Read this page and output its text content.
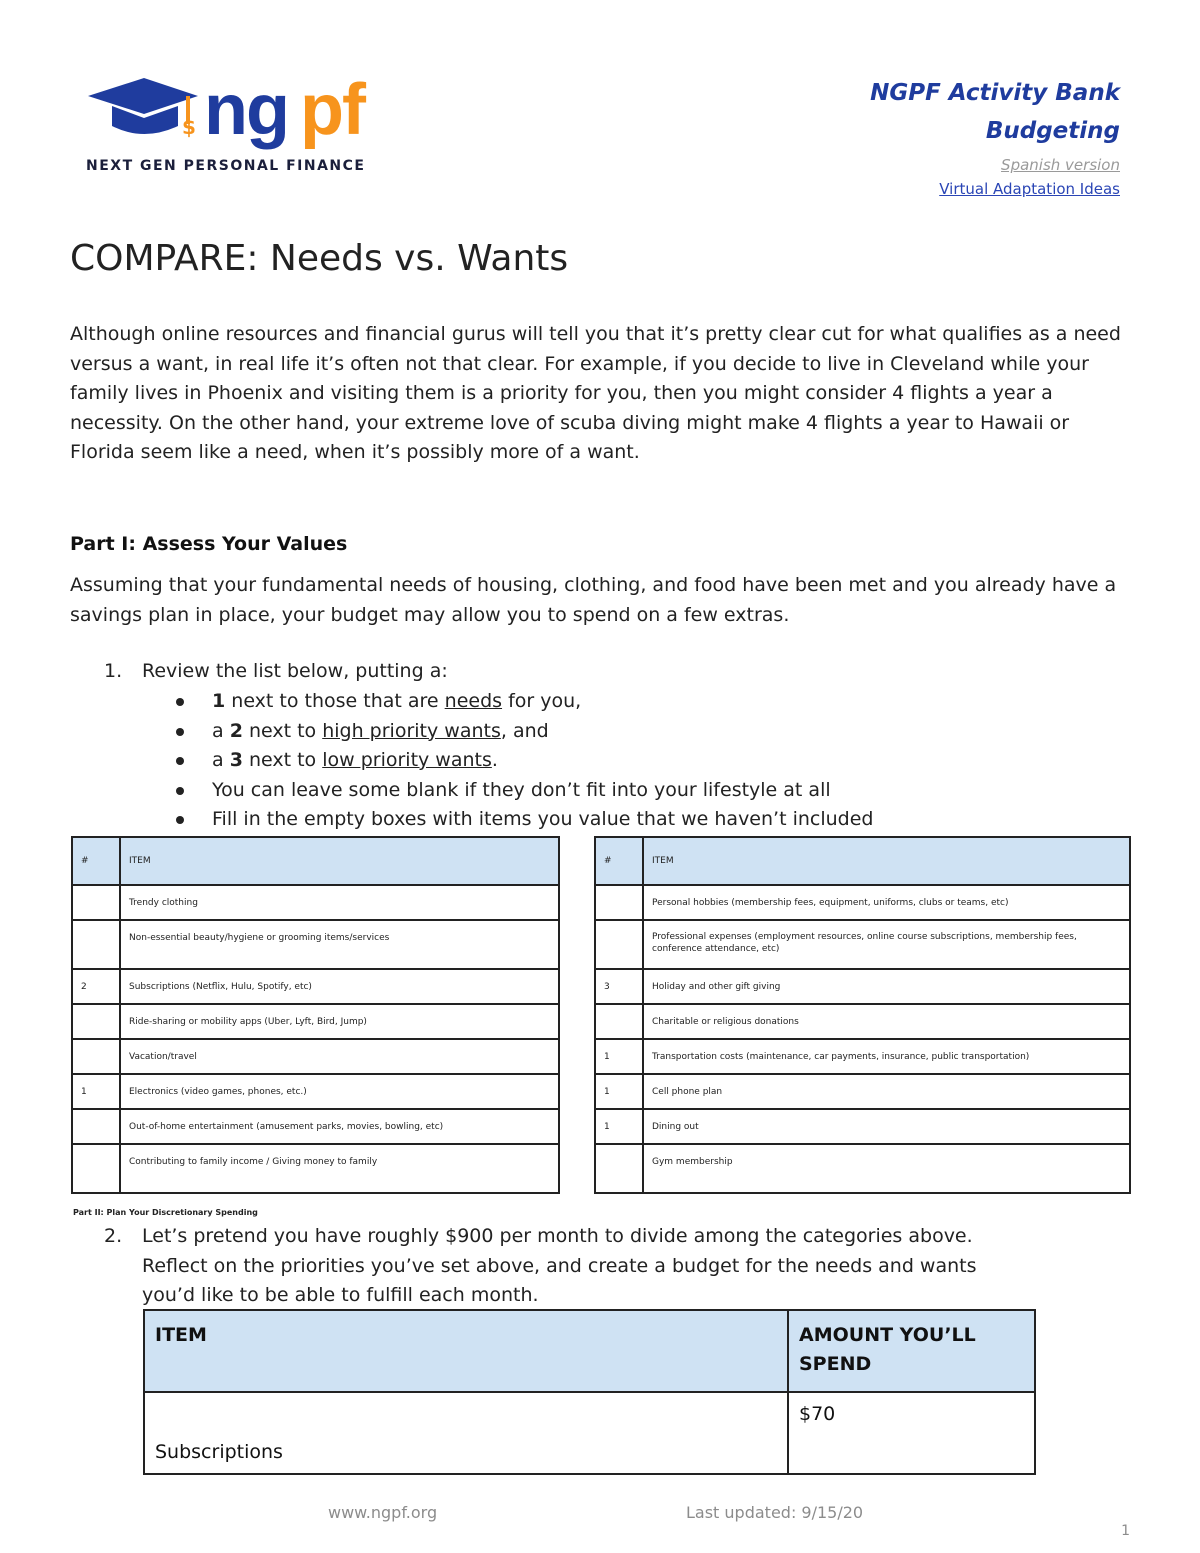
$ ng pf
NEXT GEN PERSONAL FINANCE
NGPF Activity Bank
Budgeting
Spanish version
Virtual Adaptation Ideas
COMPARE: Needs vs. Wants
Although online resources and financial gurus will tell you that it’s pretty clear cut for what qualifies as a need versus a want, in real life it’s often not that clear. For example, if you decide to live in Cleveland while your family lives in Phoenix and visiting them is a priority for you, then you might consider 4 flights a year a necessity. On the other hand, your extreme love of scuba diving might make 4 flights a year to Hawaii or Florida seem like a need, when it’s possibly more of a want.
Part I: Assess Your Values
Assuming that your fundamental needs of housing, clothing, and food have been met and you already have a savings plan in place, your budget may allow you to spend on a few extras.
1. Review the list below, putting a:
1 next to those that are needs for you,
a 2 next to high priority wants, and
a 3 next to low priority wants.
You can leave some blank if they don’t fit into your lifestyle at all
Fill in the empty boxes with items you value that we haven’t included
#	ITEM
	Trendy clothing
	Non-essential beauty/hygiene or grooming items/services
2	Subscriptions (Netflix, Hulu, Spotify, etc)
	Ride-sharing or mobility apps (Uber, Lyft, Bird, Jump)
	Vacation/travel
1	Electronics (video games, phones, etc.)
	Out-of-home entertainment (amusement parks, movies, bowling, etc)
	Contributing to family income / Giving money to family
#	ITEM
	Personal hobbies (membership fees, equipment, uniforms, clubs or teams, etc)
	Professional expenses (employment resources, online course subscriptions, membership fees, conference attendance, etc)
3	Holiday and other gift giving
	Charitable or religious donations
1	Transportation costs (maintenance, car payments, insurance, public transportation)
1	Cell phone plan
1	Dining out
	Gym membership
Part II: Plan Your Discretionary Spending
2. Let’s pretend you have roughly $900 per month to divide among the categories above.
Reflect on the priorities you’ve set above, and create a budget for the needs and wants
you’d like to be able to fulfill each month.
ITEM	AMOUNT YOU’LL
SPEND

Subscriptions	$70
www.ngpf.org	Last updated: 9/15/20
1
